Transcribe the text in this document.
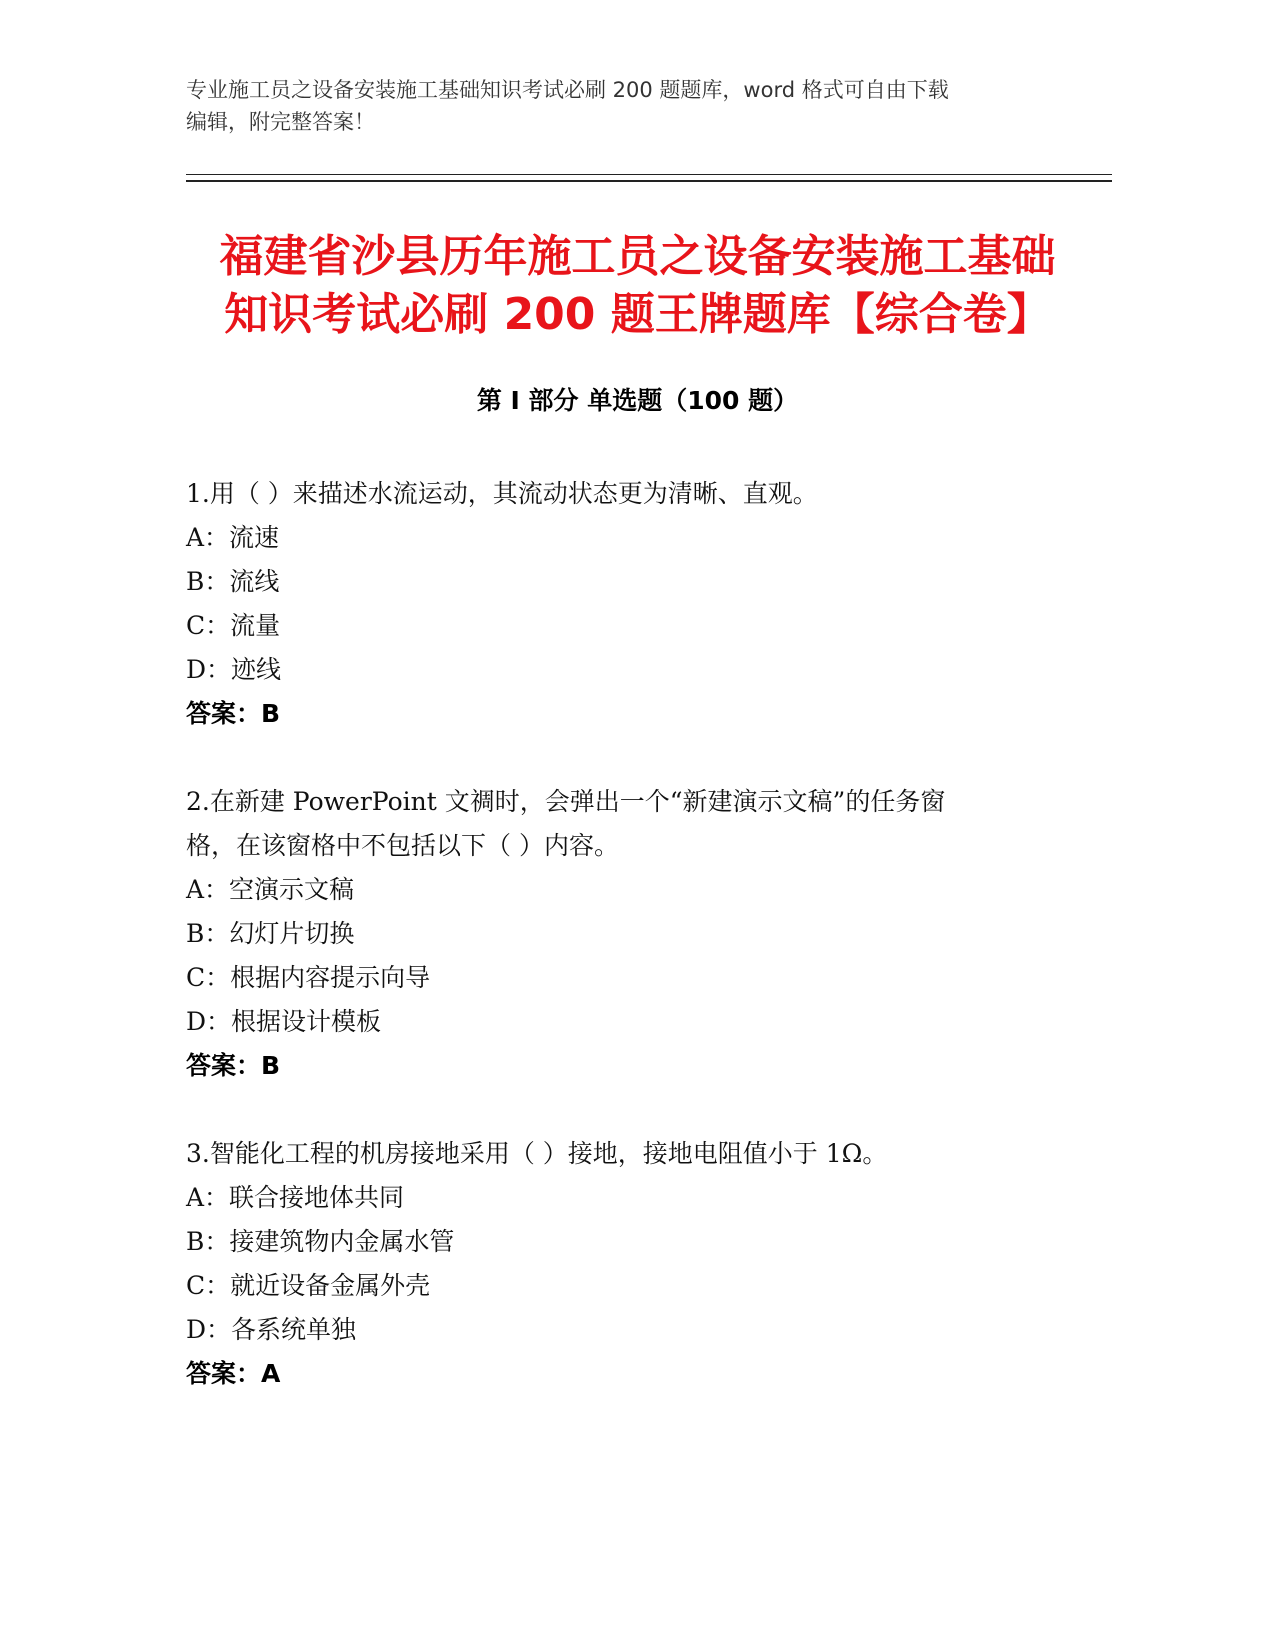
专业施工员之设备安装施工基础知识考试必刷 200 题题库，word 格式可自由下载
编辑，附完整答案！
福建省沙县历年施工员之设备安装施工基础
知识考试必刷 200 题王牌题库【综合卷】
第 I 部分 单选题（100 题）
1.用（ ）来描述水流运动，其流动状态更为清晰、直观。
A：流速
B：流线
C：流量
D：迹线
答案：B
2.在新建 PowerPoint 文禂时，会弹出一个“新建演示文稿”的任务窗
格，在该窗格中不包括以下（ ）内容。
A：空演示文稿
B：幻灯片切换
C：根据内容提示向导
D：根据设计模板
答案：B
3.智能化工程的机房接地采用（ ）接地，接地电阻值小于 1Ω。
A：联合接地体共同
B：接建筑物内金属水管
C：就近设备金属外壳
D：各系统单独
答案：A
